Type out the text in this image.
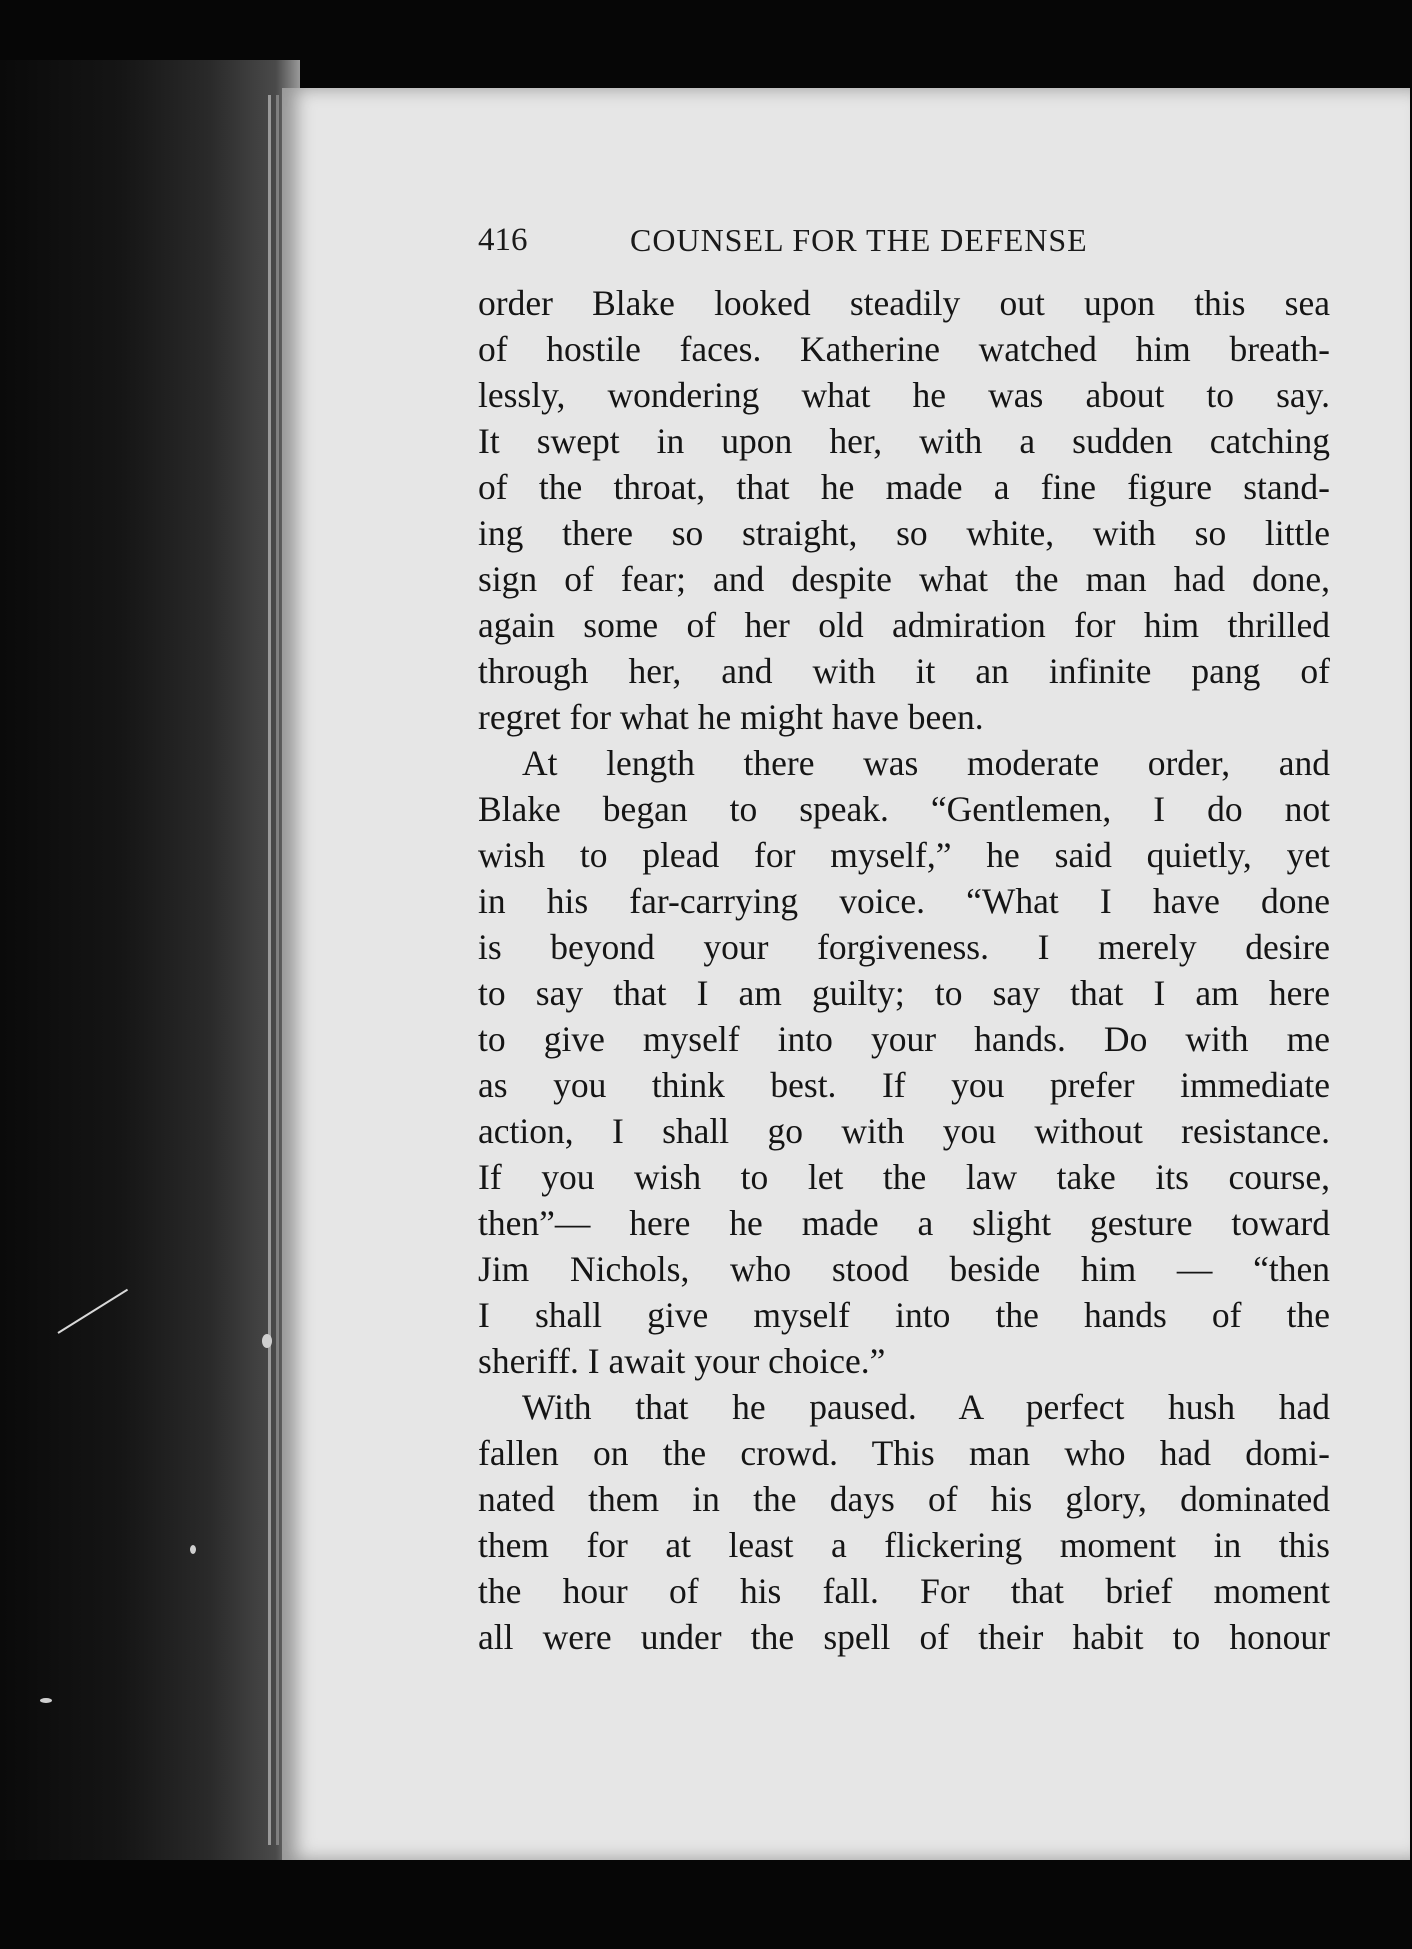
416	COUNSEL FOR THE DEFENSE
order Blake looked steadily out upon this sea
of hostile faces. Katherine watched him breath-
lessly, wondering what he was about to say.
It swept in upon her, with a sudden catching
of the throat, that he made a fine figure stand-
ing there so straight, so white, with so little
sign of fear; and despite what the man had done,
again some of her old admiration for him thrilled
through her, and with it an infinite pang of
regret for what he might have been.
At length there was moderate order, and
Blake began to speak. “Gentlemen, I do not
wish to plead for myself,” he said quietly, yet
in his far-carrying voice. “What I have done
is beyond your forgiveness. I merely desire
to say that I am guilty; to say that I am here
to give myself into your hands. Do with me
as you think best. If you prefer immediate
action, I shall go with you without resistance.
If you wish to let the law take its course,
then”— here he made a slight gesture toward
Jim Nichols, who stood beside him — “then
I shall give myself into the hands of the
sheriff. I await your choice.”
With that he paused. A perfect hush had
fallen on the crowd. This man who had domi-
nated them in the days of his glory, dominated
them for at least a flickering moment in this
the hour of his fall. For that brief moment
all were under the spell of their habit to honour
